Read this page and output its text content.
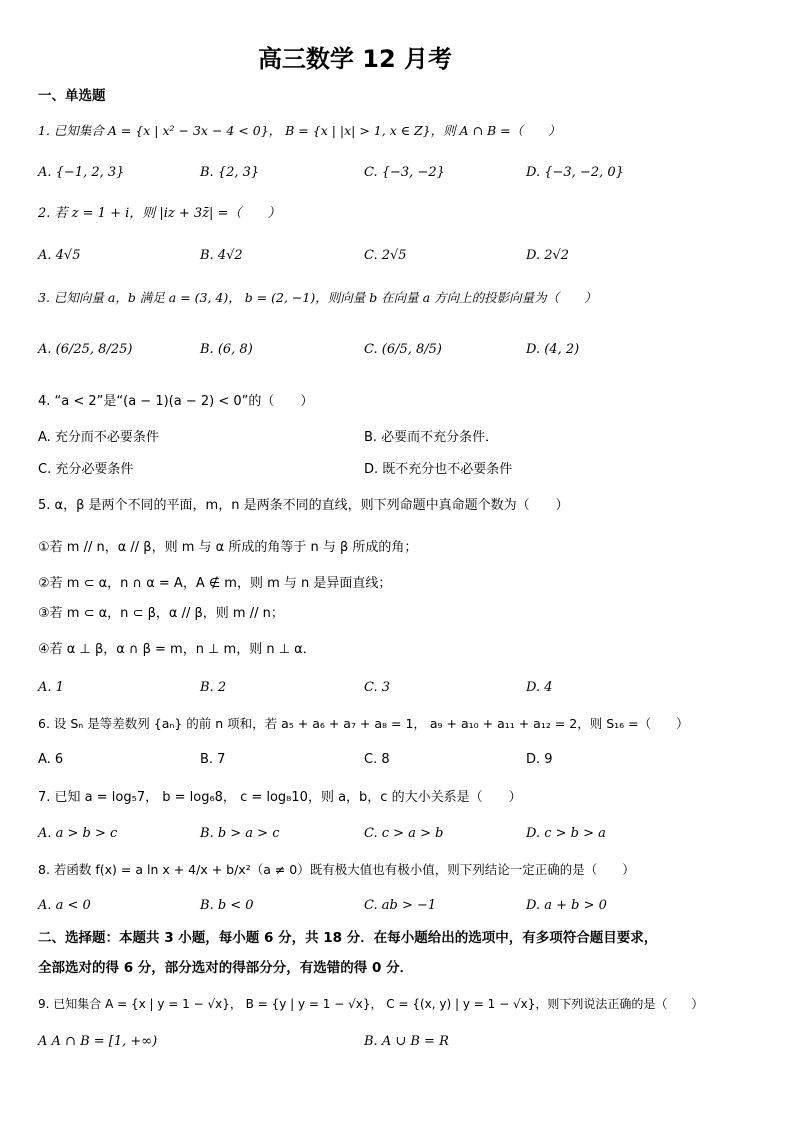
高三数学 12 月考
一、单选题
1. 已知集合 A = {x | x² − 3x − 4 < 0}， B = {x | |x| > 1, x ∈ Z}，则 A ∩ B =（　　）
A. {−1, 2, 3}	B. {2, 3}	C. {−3, −2}	D. {−3, −2, 0}
2. 若 z = 1 + i，则 |iz + 3z̄| =（　　）
A. 4√5	B. 4√2	C. 2√5	D. 2√2
3. 已知向量 a，b 满足 a = (3, 4)， b = (2, −1)，则向量 b 在向量 a 方向上的投影向量为（　　）
A. (6/25, 8/25)	B. (6, 8)	C. (6/5, 8/5)	D. (4, 2)
4. “a < 2”是“(a − 1)(a − 2) < 0”的（　　）
A. 充分而不必要条件	B. 必要而不充分条件．
C. 充分必要条件	D. 既不充分也不必要条件
5. α，β 是两个不同的平面，m，n 是两条不同的直线，则下列命题中真命题个数为（　　）
①若 m // n，α // β，则 m 与 α 所成的角等于 n 与 β 所成的角；
②若 m ⊂ α，n ∩ α = A，A ∉ m，则 m 与 n 是异面直线；
③若 m ⊂ α，n ⊂ β，α // β，则 m // n；
④若 α ⊥ β，α ∩ β = m，n ⊥ m，则 n ⊥ α．
A. 1	B. 2	C. 3	D. 4
6. 设 Sₙ 是等差数列 {aₙ} 的前 n 项和，若 a₅ + a₆ + a₇ + a₈ = 1， a₉ + a₁₀ + a₁₁ + a₁₂ = 2，则 S₁₆ =（　　）
A. 6	B. 7	C. 8	D. 9
7. 已知 a = log₅7， b = log₆8， c = log₈10，则 a，b，c 的大小关系是（　　）
A. a > b > c	B. b > a > c	C. c > a > b	D. c > b > a
8. 若函数 f(x) = a ln x + 4/x + b/x²（a ≠ 0）既有极大值也有极小值，则下列结论一定正确的是（　　）
A. a < 0	B. b < 0	C. ab > −1	D. a + b > 0
二、选择题：本题共 3 小题，每小题 6 分，共 18 分．在每小题给出的选项中，有多项符合题目要求，
全部选对的得 6 分，部分选对的得部分分，有选错的得 0 分．
9. 已知集合 A = {x | y = 1 − √x}， B = {y | y = 1 − √x}， C = {(x, y) | y = 1 − √x}，则下列说法正确的是（　　）
A A ∩ B = [1, +∞)	B. A ∪ B = R
